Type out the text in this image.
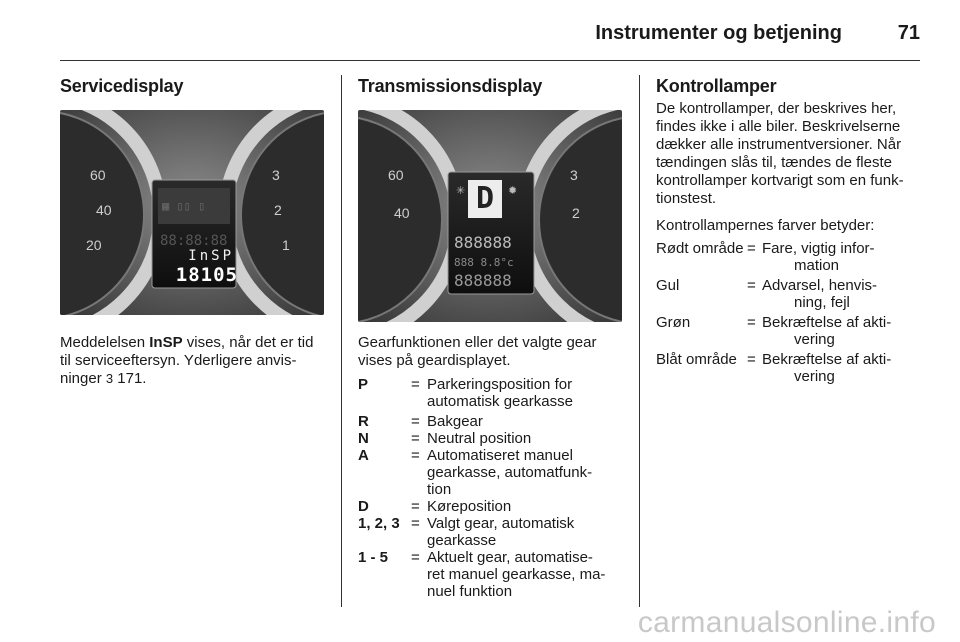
Instrumenter og betjening	71
Servicedisplay
60
40
20
3
2
1
▦ ▯▯ ▯
88:88:88
InSP
18105
Meddelelsen InSP vises, når det er tid
til serviceeftersyn. Yderligere anvis-
ninger 3 171.
Transmissionsdisplay
60
40
3
2
✳	✹
888888
888 8.8°c
888888
D
Gearfunktionen eller det valgte gear
vises på geardisplayet.
P	= Parkeringsposition for
automatisk gearkasse
R	= Bakgear
N	= Neutral position
A	= Automatiseret manuel
gearkasse, automatfunk-
tion
D	= Køreposition
1, 2, 3 = Valgt gear, automatisk
gearkasse
1 - 5 = Aktuelt gear, automatise-
ret manuel gearkasse, ma-
nuel funktion
Kontrollamper
De kontrollamper, der beskrives her,
findes ikke i alle biler. Beskrivelserne
dækker alle instrumentversioner. Når
tændingen slås til, tændes de fleste
kontrollamper kortvarigt som en funk-
tionstest.
Kontrollampernes farver betyder:
Rødt område = Fare, vigtig infor-
mation
Gul	= Advarsel, henvis-
ning, fejl
Grøn	= Bekræftelse af akti-
vering
Blåt område = Bekræftelse af akti-
vering
carmanualsonline.info
